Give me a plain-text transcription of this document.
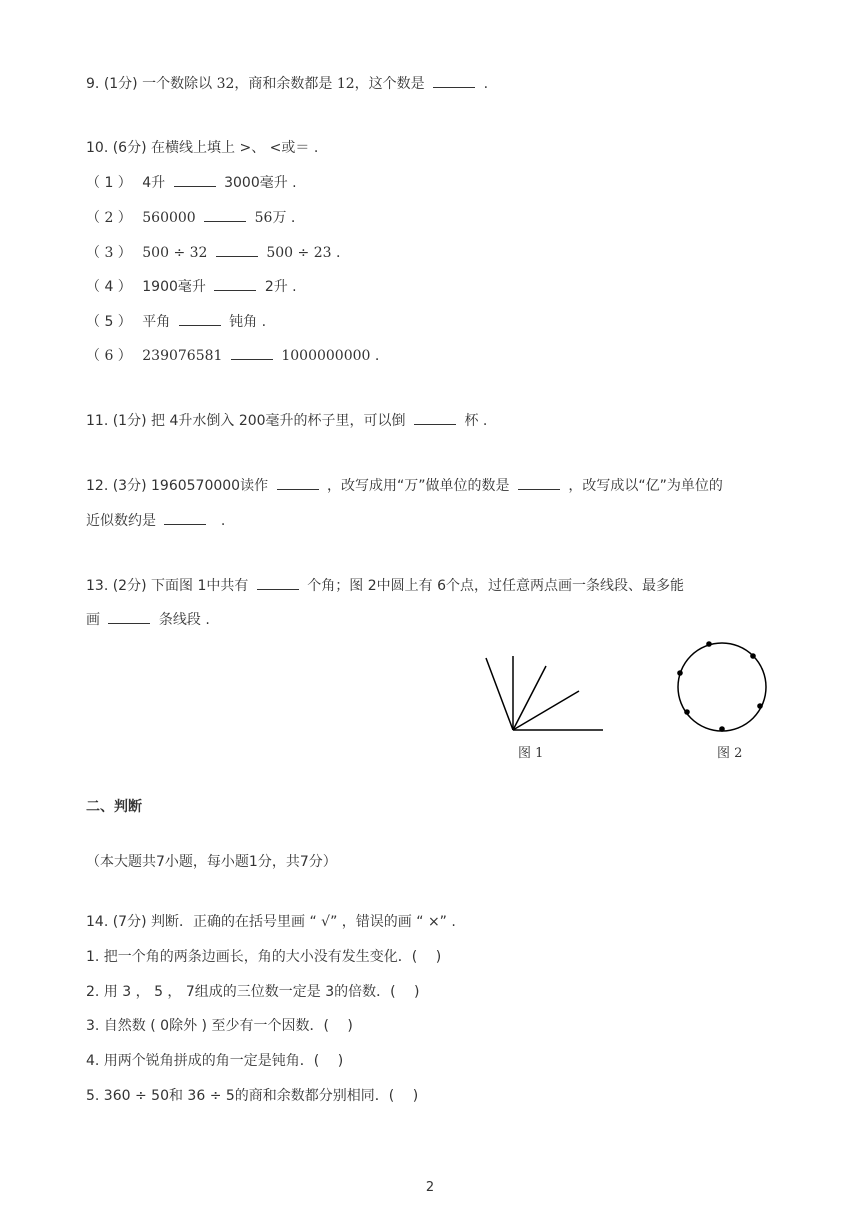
9. (1分) 一个数除以 32，商和余数都是 12，这个数是	.
10. (6分) 在横线上填上 >、 <或＝ .
（ 1 ） 4升	3000毫升 .
（ 2 ） 560000	56万 .
（ 3 ） 500 ÷ 32	500 ÷ 23 .
（ 4 ） 1900毫升	2升 .
（ 5 ） 平角	钝角 .
（ 6 ） 239076581	1000000000 .
11. (1分) 把 4升水倒入 200毫升的杯子里，可以倒	杯 .
12. (3分) 1960570000读作	，改写成用“万”做单位的数是	，改写成以“亿”为单位的
近似数约是	.
13. (2分) 下面图 1中共有	个角；图 2中圆上有 6个点，过任意两点画一条线段、最多能
画	条线段 .
图 1	图 2
二、判断
（本大题共7小题，每小题1分，共7分）
14. (7分) 判断．正确的在括号里画 “ √” ，错误的画 “ ×” .
1. 把一个角的两条边画长，角的大小没有发生变化．(　 )
2. 用 3 ， 5 ， 7组成的三位数一定是 3的倍数．(　 )
3. 自然数 ( 0除外 ) 至少有一个因数．(　 )
4. 用两个锐角拼成的角一定是钝角．(　 )
5. 360 ÷ 50和 36 ÷ 5的商和余数都分别相同．(　 )
2
